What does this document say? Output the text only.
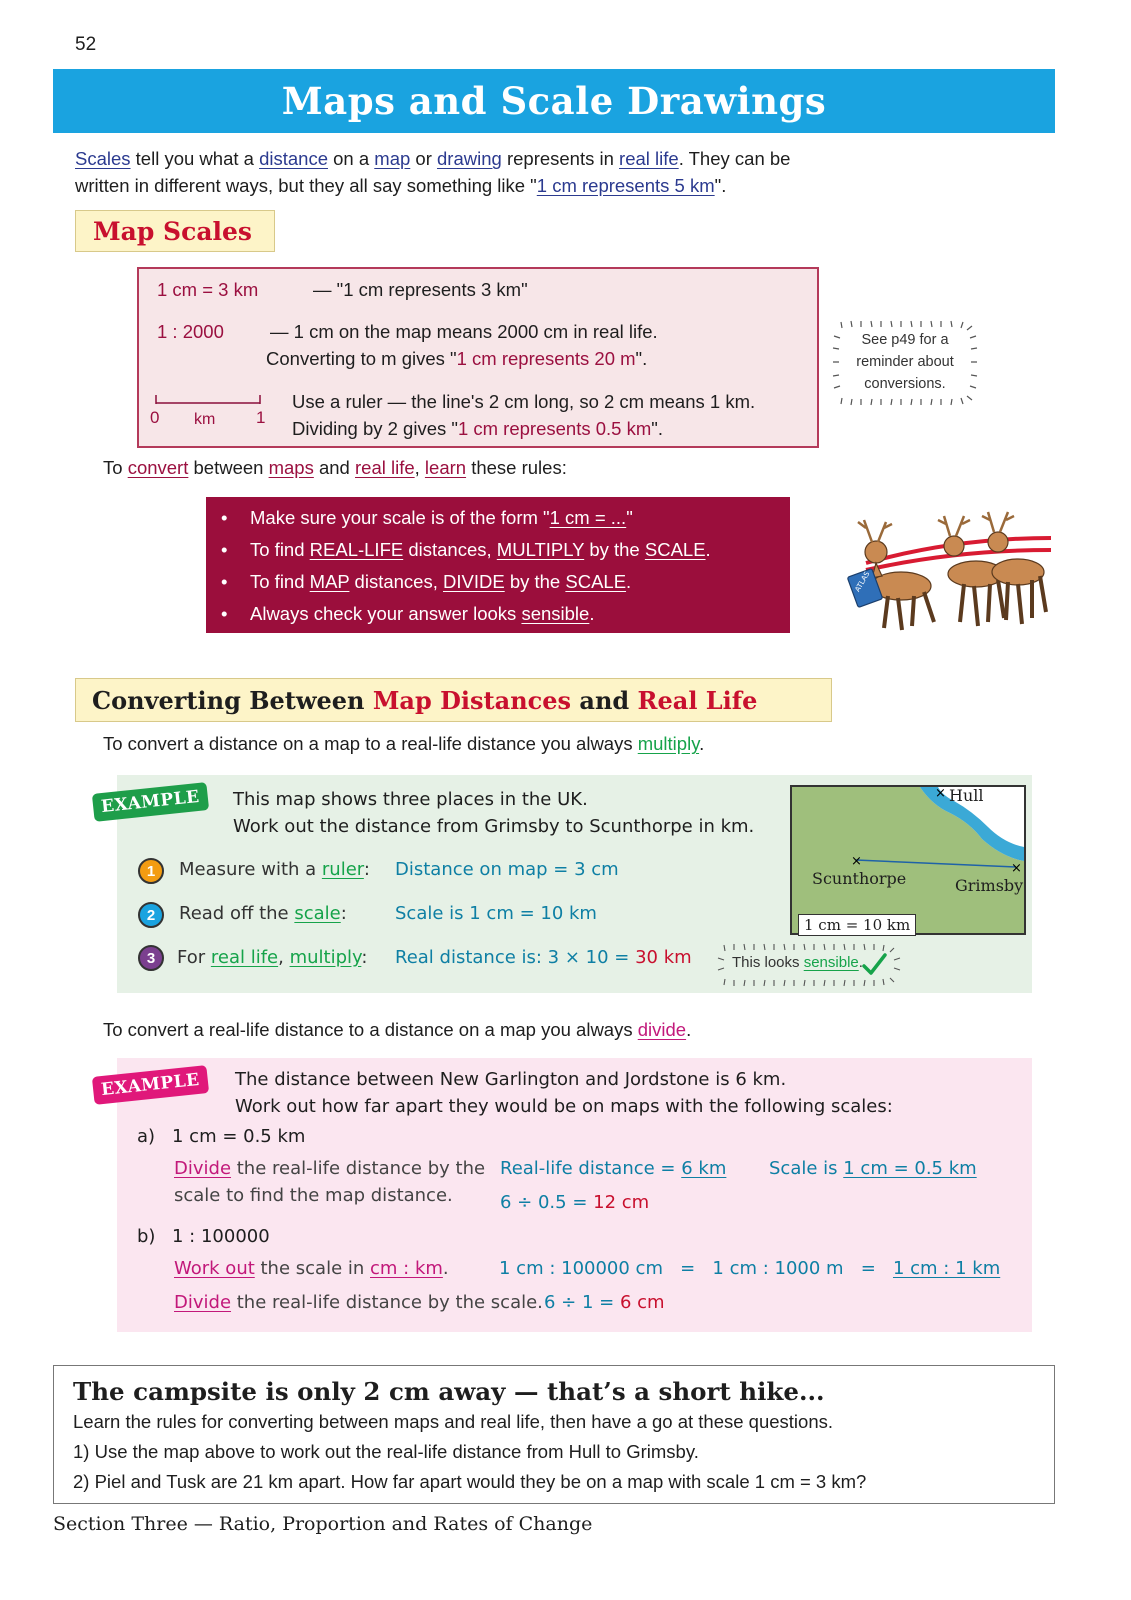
52
Maps and Scale Drawings
Scales tell you what a distance on a map or drawing represents in real life. They can be
written in different ways, but they all say something like "1 cm represents 5 km".
Map Scales
1 cm = 3 km	— "1 cm represents 3 km"
1 : 2000 — 1 cm on the map means 2000 cm in real life.
Converting to m gives "1 cm represents 20 m".
0 km 1
Use a ruler — the line's 2 cm long, so 2 cm means 1 km.
Dividing by 2 gives "1 cm represents 0.5 km".
See p49 for a
reminder about
conversions.
To convert between maps and real life, learn these rules:
• Make sure your scale is of the form "1 cm = ..."
• To find REAL-LIFE distances, MULTIPLY by the SCALE.
• To find MAP distances, DIVIDE by the SCALE.
• Always check your answer looks sensible.
ATLAS
Converting Between Map Distances and Real Life
To convert a distance on a map to a real-life distance you always multiply.
EXAMPLE	This map shows three places in the UK.
Work out the distance from Grimsby to Scunthorpe in km.
1	Measure with a ruler: Distance on map = 3 cm
2	Read off the scale:	Scale is 1 cm = 10 km
3	For real life, multiply: Real distance is: 3 × 10 = 30 km
×	×
× Hull
Scunthorpe	Grimsby
1 cm = 10 km
This looks sensible.
To convert a real-life distance to a distance on a map you always divide.
EXAMPLE	The distance between New Garlington and Jordstone is 6 km.
Work out how far apart they would be on maps with the following scales:
a) 1 cm = 0.5 km
Divide the real-life distance by the
scale to find the map distance.
Real-life distance = 6 km Scale is 1 cm = 0.5 km
6 ÷ 0.5 = 12 cm
b) 1 : 100000
Work out the scale in cm : km.	1 cm : 100000 cm   =   1 cm : 1000 m   =   1 cm : 1 km
Divide the real-life distance by the scale. 6 ÷ 1 = 6 cm
The campsite is only 2 cm away — that’s a short hike...

Learn the rules for converting between maps and real life, then have a go at these questions.

1) Use the map above to work out the real-life distance from Hull to Grimsby.

2) Piel and Tusk are 21 km apart. How far apart would they be on a map with scale 1 cm = 3 km?

Section Three — Ratio, Proportion and Rates of Change
